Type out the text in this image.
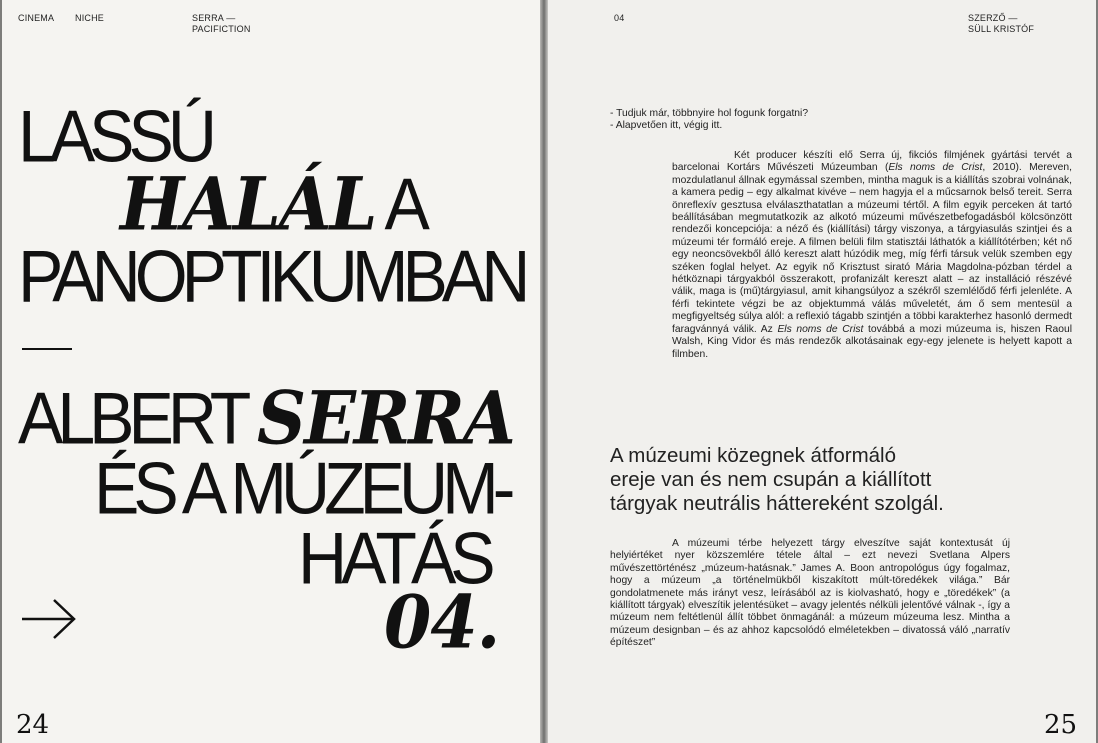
CINEMA NICHE	SERRA —
PACIFICTION
LASSÚ
HALÁL A
PANOPTIKUMBAN
ALBERT SERRA
ÉS A MÚZEUM-
HATÁS
04.
24
04	SZERZŐ —
SÜLL KRISTÓF
- Tudjuk már, többnyire hol fogunk forgatni?
- Alapvetően itt, végig itt.
Két producer készíti elő Serra új, fikciós filmjének gyártási tervét a barcelonai Kortárs Művészeti Múzeumban (Els noms de Crist, 2010). Mereven, mozdulatlanul állnak egymással szemben, mintha maguk is a kiállítás szobrai volnának, a kamera pedig – egy alkalmat kivéve – nem hagyja el a műcsarnok belső tereit. Serra önreflexív gesztusa elválaszthatatlan a múzeumi tértől. A film egyik perceken át tartó beállításában megmutatkozik az alkotó múzeumi művészetbefogadásból kölcsönzött rendezői koncepciója: a néző és (kiállítási) tárgy viszonya, a tárgyiasulás szintjei és a múzeumi tér formáló ereje. A filmen belüli film statisztái láthatók a kiállítótérben; két nő egy neoncsövekből álló kereszt alatt húzódik meg, míg férfi társuk velük szemben egy széken foglal helyet. Az egyik nő Krisztust sirató Mária Magdolna-pózban térdel a hétköznapi tárgyakból összerakott, profanizált kereszt alatt – az installáció részévé válik, maga is (mű)tárgyiasul, amit kihangsúlyoz a székről szemlélődő férfi jelenléte. A férfi tekintete végzi be az objektummá válás műveletét, ám ő sem mentesül a megfigyeltség súlya alól: a reflexió tágabb szintjén a többi karakterhez hasonló dermedt faragvánnyá válik. Az Els noms de Crist továbbá a mozi múzeuma is, hiszen Raoul Walsh, King Vidor és más rendezők alkotásainak egy-egy jelenete is helyett kapott a filmben.
A múzeumi közegnek átformáló
ereje van és nem csupán a kiállított
tárgyak neutrális háttereként szolgál.
A múzeumi térbe helyezett tárgy elveszítve saját kontextusát új helyiértéket nyer közszemlére tétele által – ezt nevezi Svetlana Alpers művészettörténész „múzeum-hatásnak.” James A. Boon antropológus úgy fogalmaz, hogy a múzeum „a történelmükből kiszakított múlt-töredékek világa.” Bár gondolatmenete más irányt vesz, leírásából az is kiolvasható, hogy e „töredékek” (a kiállított tárgyak) elveszítik jelentésüket – avagy jelentés nélküli jelentővé válnak -, így a múzeum nem feltétlenül állít többet önmagánál: a múzeum múzeuma lesz. Mintha a múzeum designban – és az ahhoz kapcsolódó elméletekben – divatossá váló „narratív építészet”
25
